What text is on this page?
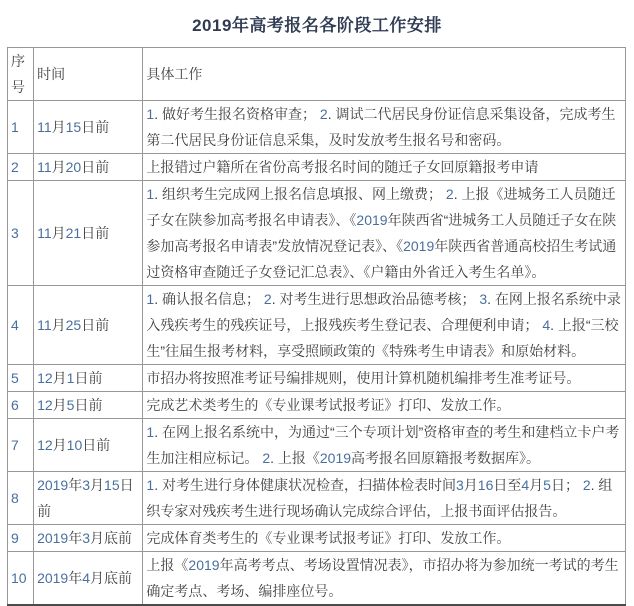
2019年高考报名各阶段工作安排
序号	时间	具体工作
1	11月15日前	1. 做好考生报名资格审查； 2. 调试二代居民身份证信息采集设备，完成考生第二代居民身份证信息采集，及时发放考生报名号和密码。
2	11月20日前	上报错过户籍所在省份高考报名时间的随迁子女回原籍报考申请
3	11月21日前	1. 组织考生完成网上报名信息填报、网上缴费； 2. 上报《进城务工人员随迁子女在陕参加高考报名申请表》、《2019年陕西省“进城务工人员随迁子女在陕参加高考报名申请表”发放情况登记表》、《2019年陕西省普通高校招生考试通过资格审查随迁子女登记汇总表》、《户籍由外省迁入考生名单》。
4	11月25日前	1. 确认报名信息； 2. 对考生进行思想政治品德考核； 3. 在网上报名系统中录入残疾考生的残疾证号，上报残疾考生登记表、合理便利申请； 4. 上报“三校生”往届生报考材料，享受照顾政策的《特殊考生申请表》和原始材料。
5	12月1日前	市招办将按照准考证号编排规则，使用计算机随机编排考生准考证号。
6	12月5日前	完成艺术类考生的《专业课考试报考证》打印、发放工作。
7	12月10日前	1. 在网上报名系统中，为通过“三个专项计划”资格审查的考生和建档立卡户考生加注相应标记。 2. 上报《2019高考报名回原籍报考数据库》。
8	2019年3月15日前	1. 对考生进行身体健康状况检查，扫描体检表时间3月16日至4月5日； 2. 组织专家对残疾考生进行现场确认完成综合评估，上报书面评估报告。
9	2019年3月底前	完成体育类考生的《专业课考试报考证》打印、发放工作。
10	2019年4月底前	上报《2019年高考考点、考场设置情况表》，市招办将为参加统一考试的考生确定考点、考场、编排座位号。
